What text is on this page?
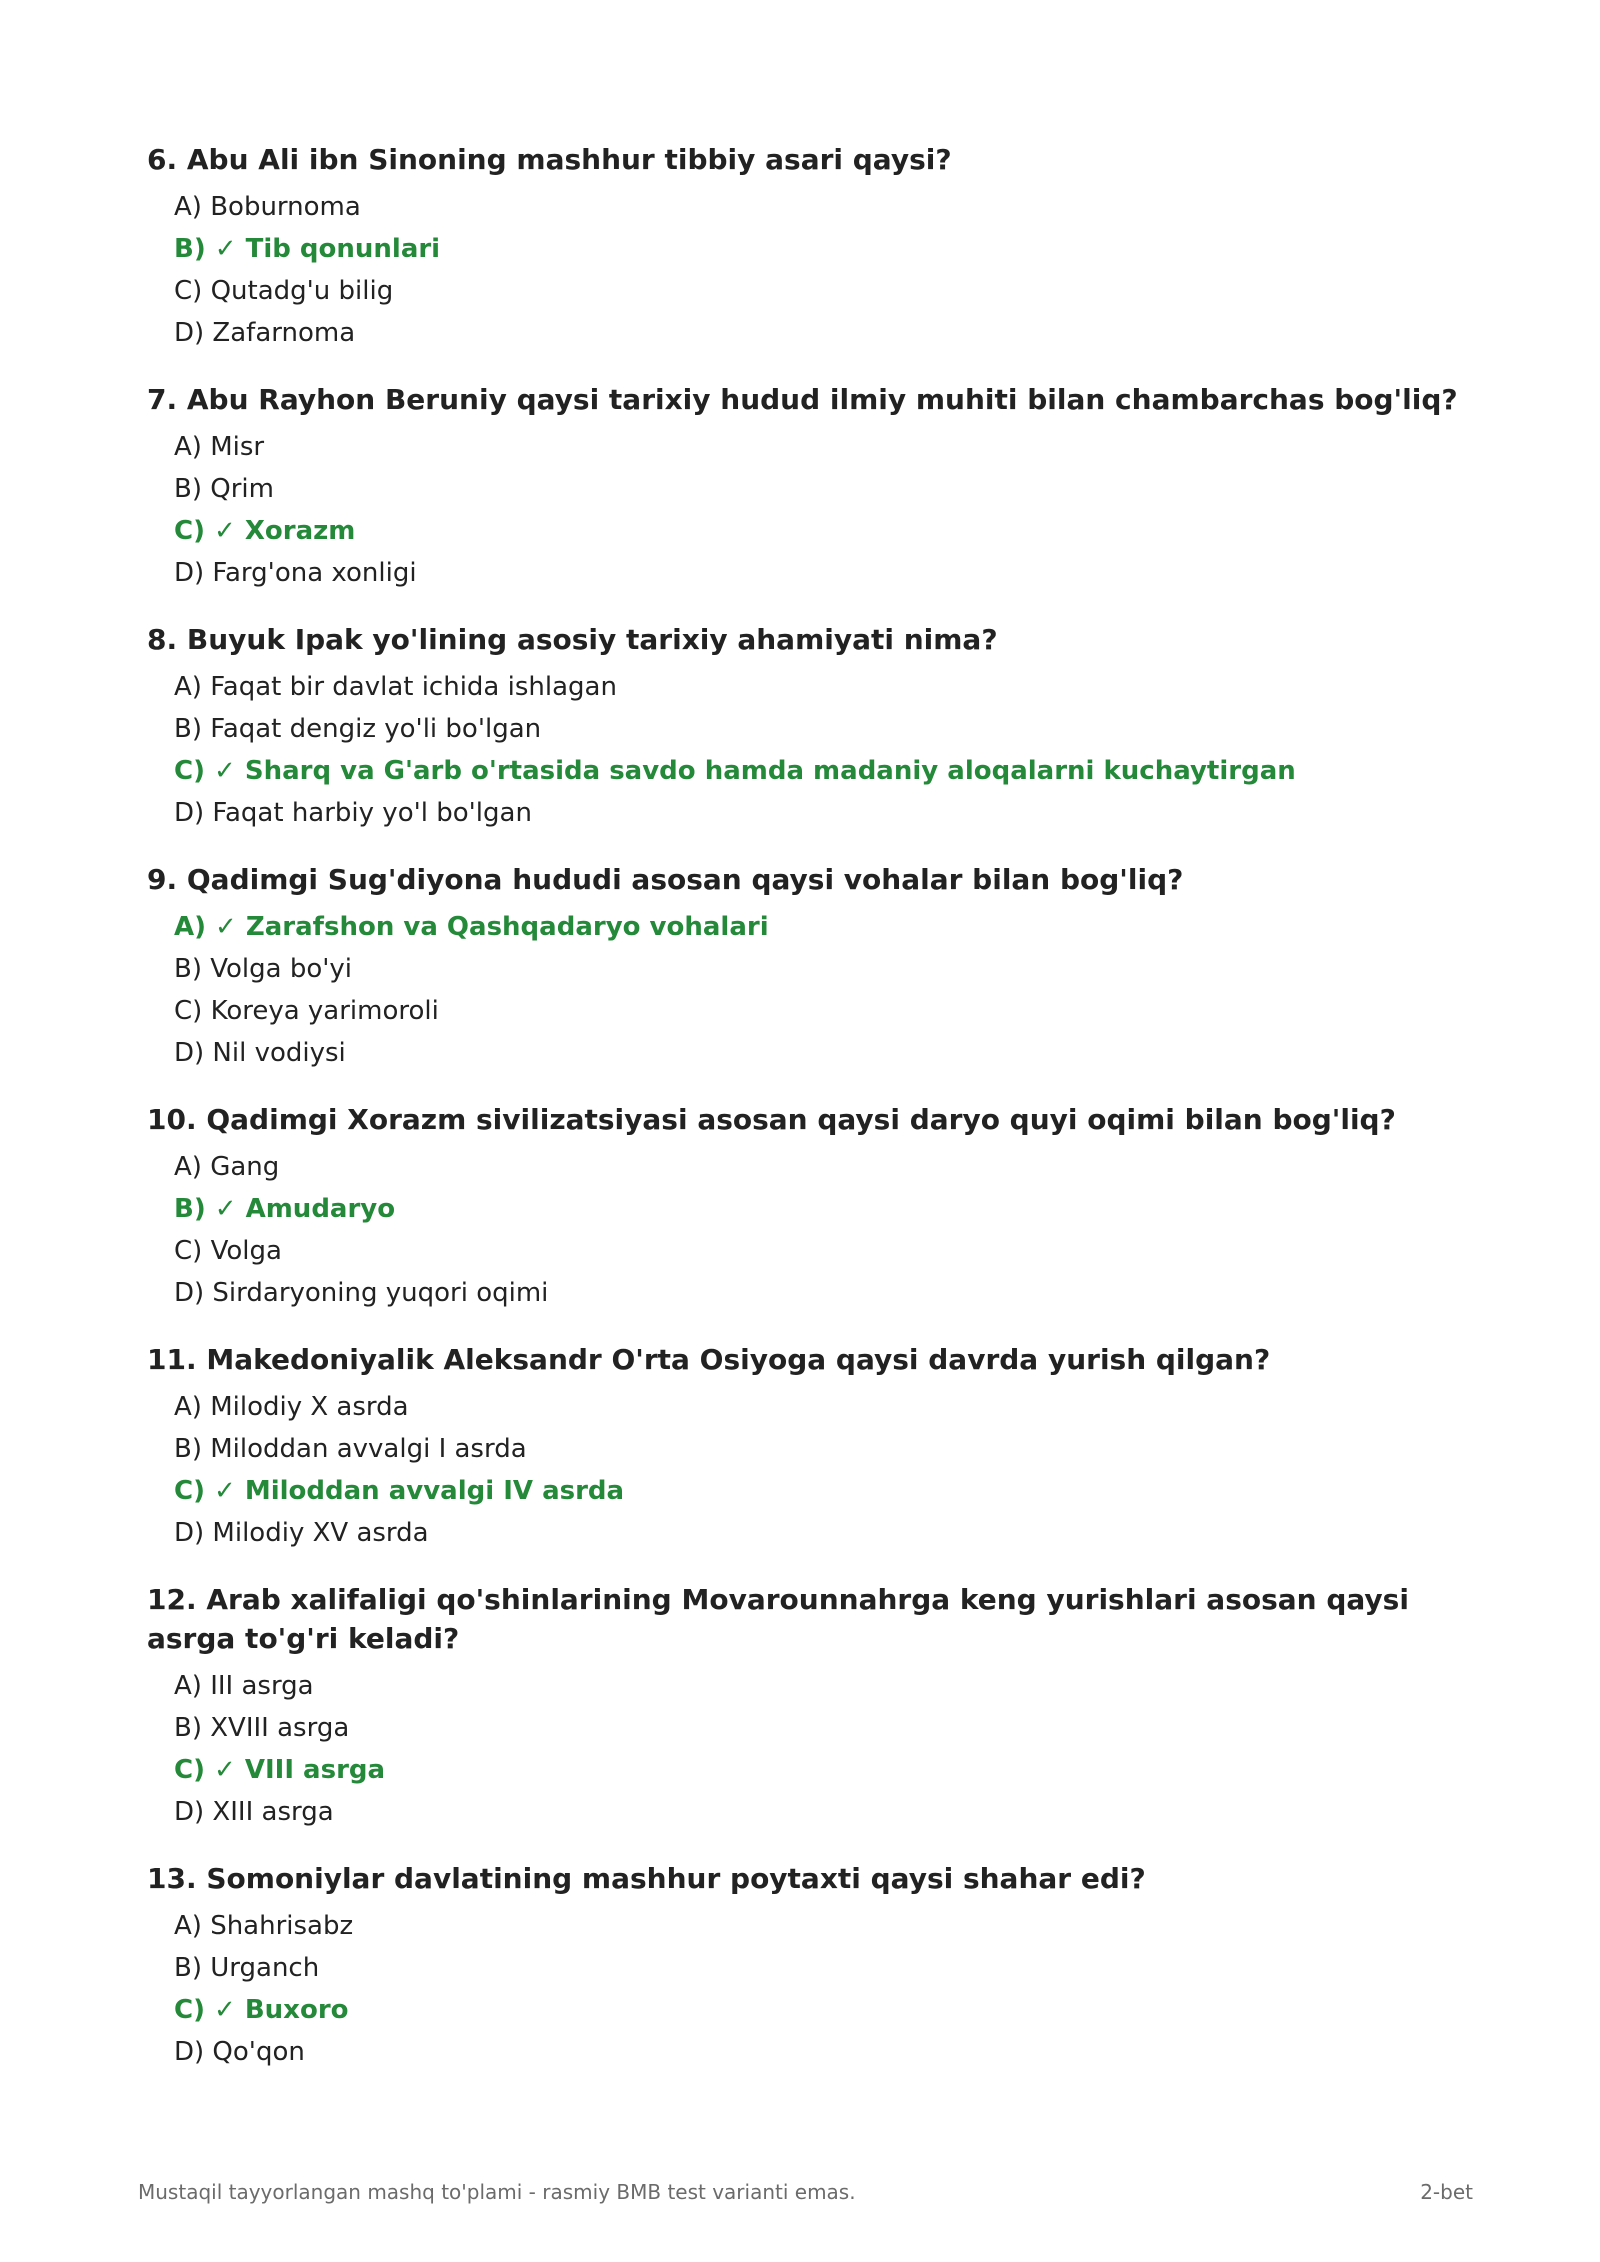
6. Abu Ali ibn Sinoning mashhur tibbiy asari qaysi?
A) Boburnoma
B) ✓ Tib qonunlari
C) Qutadg'u bilig
D) Zafarnoma
7. Abu Rayhon Beruniy qaysi tarixiy hudud ilmiy muhiti bilan chambarchas bog'liq?
A) Misr
B) Qrim
C) ✓ Xorazm
D) Farg'ona xonligi
8. Buyuk Ipak yo'lining asosiy tarixiy ahamiyati nima?
A) Faqat bir davlat ichida ishlagan
B) Faqat dengiz yo'li bo'lgan
C) ✓ Sharq va G'arb o'rtasida savdo hamda madaniy aloqalarni kuchaytirgan
D) Faqat harbiy yo'l bo'lgan
9. Qadimgi Sug'diyona hududi asosan qaysi vohalar bilan bog'liq?
A) ✓ Zarafshon va Qashqadaryo vohalari
B) Volga bo'yi
C) Koreya yarimoroli
D) Nil vodiysi
10. Qadimgi Xorazm sivilizatsiyasi asosan qaysi daryo quyi oqimi bilan bog'liq?
A) Gang
B) ✓ Amudaryo
C) Volga
D) Sirdaryoning yuqori oqimi
11. Makedoniyalik Aleksandr O'rta Osiyoga qaysi davrda yurish qilgan?
A) Milodiy X asrda
B) Miloddan avvalgi I asrda
C) ✓ Miloddan avvalgi IV asrda
D) Milodiy XV asrda
12. Arab xalifaligi qo'shinlarining Movarounnahrga keng yurishlari asosan qaysi asrga to'g'ri keladi?
A) III asrga
B) XVIII asrga
C) ✓ VIII asrga
D) XIII asrga
13. Somoniylar davlatining mashhur poytaxti qaysi shahar edi?
A) Shahrisabz
B) Urganch
C) ✓ Buxoro
D) Qo'qon
Mustaqil tayyorlangan mashq to'plami - rasmiy BMB test varianti emas.	2-bet
